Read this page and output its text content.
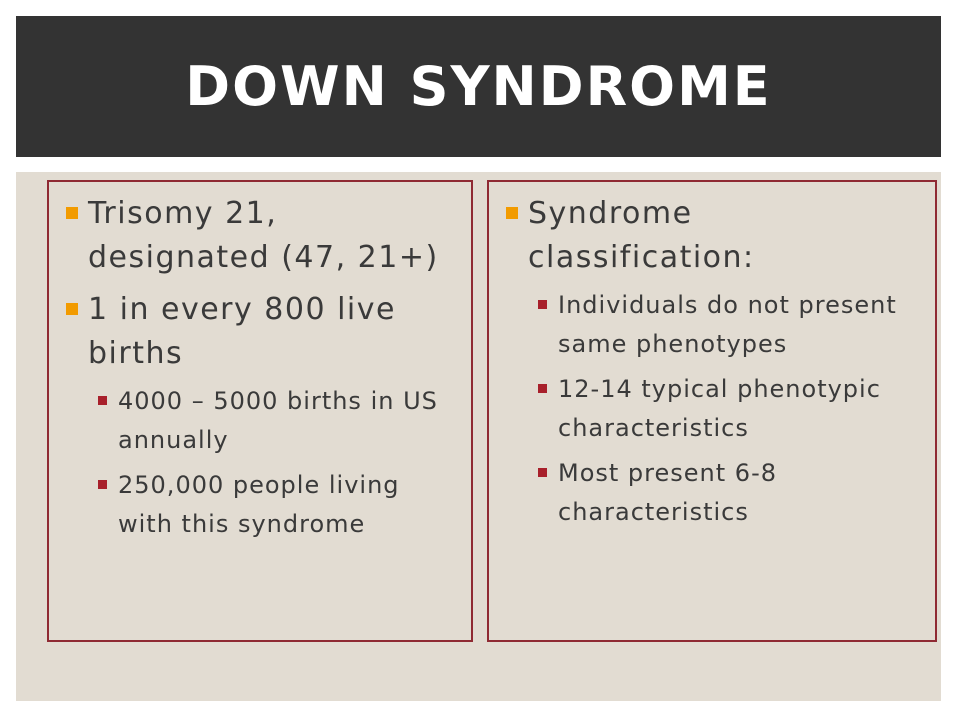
DOWN SYNDROME
Trisomy 21, designated (47, 21+)
1 in every 800 live births
4000 – 5000 births in US annually
250,000 people living with this syndrome
Syndrome classification:
Individuals do not present same phenotypes
12-14 typical phenotypic characteristics
Most present 6-8 characteristics
